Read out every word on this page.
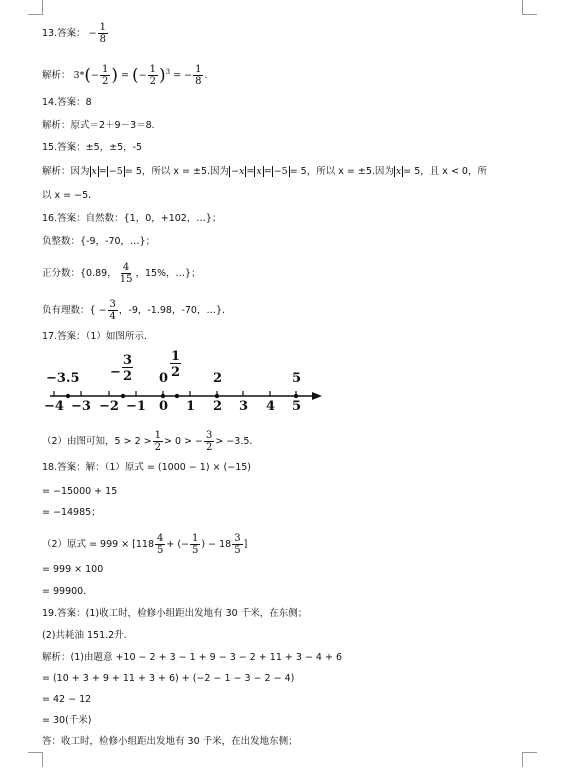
13.答案： − $\frac{1}{8}$
解析： $3*(- \frac{1}{2}$ ) = (− $\frac{1}{2} )^3$ = − $\frac{1}{8}$ .
14.答案：8
解析：原式＝2＋9－3＝8．
15.答案：±5，±5，-5
解析：因为 x = −5 = 5，所以 x = ±5.因为 −x = x = −5 = 5，所以 x = ±5.因为 x = 5，且 x < 0，所
以 x = −5．
16.答案：自然数：{1，0，+102，…}；
负整数：{-9，-70，…}；
正分数：{0.89， $\frac{4}{15}$ ，15%，…}；
负有理数：{ − $\frac{3}{4}$ ，-9，-1.98，-70，…}.
17.答案：（1）如图所示.
−4 −3 −2 −1 0 1 2 3 4 5
−3.5 −
3
2 0
1
2	2	5
（2）由图可知，$5 > 2 > \frac{1}{2} > 0$ > − $\frac{3}{2} > -3.5$．
18.答案：解：（1）原式 = (1000 − 1) × (−15)
= −15000 + 15
= −14985；
（2）原式 = $999 \times [118 \frac{4}{5}$ + (− $\frac{1}{5}$ ) − $18 \frac{3}{5}$ ]
= 999 × 100
= 99900．
19.答案：(1)收工时，检修小组距出发地有 30 千米，在东侧；
(2)共耗油 151.2升.
解析：(1)由题意 +10 − 2 + 3 − 1 + 9 − 3 − 2 + 11 + 3 − 4 + 6
= (10 + 3 + 9 + 11 + 3 + 6) + (−2 − 1 − 3 − 2 − 4)
= 42 − 12
= 30(千米)
答：收工时，检修小组距出发地有 30 千米，在出发地东侧；
